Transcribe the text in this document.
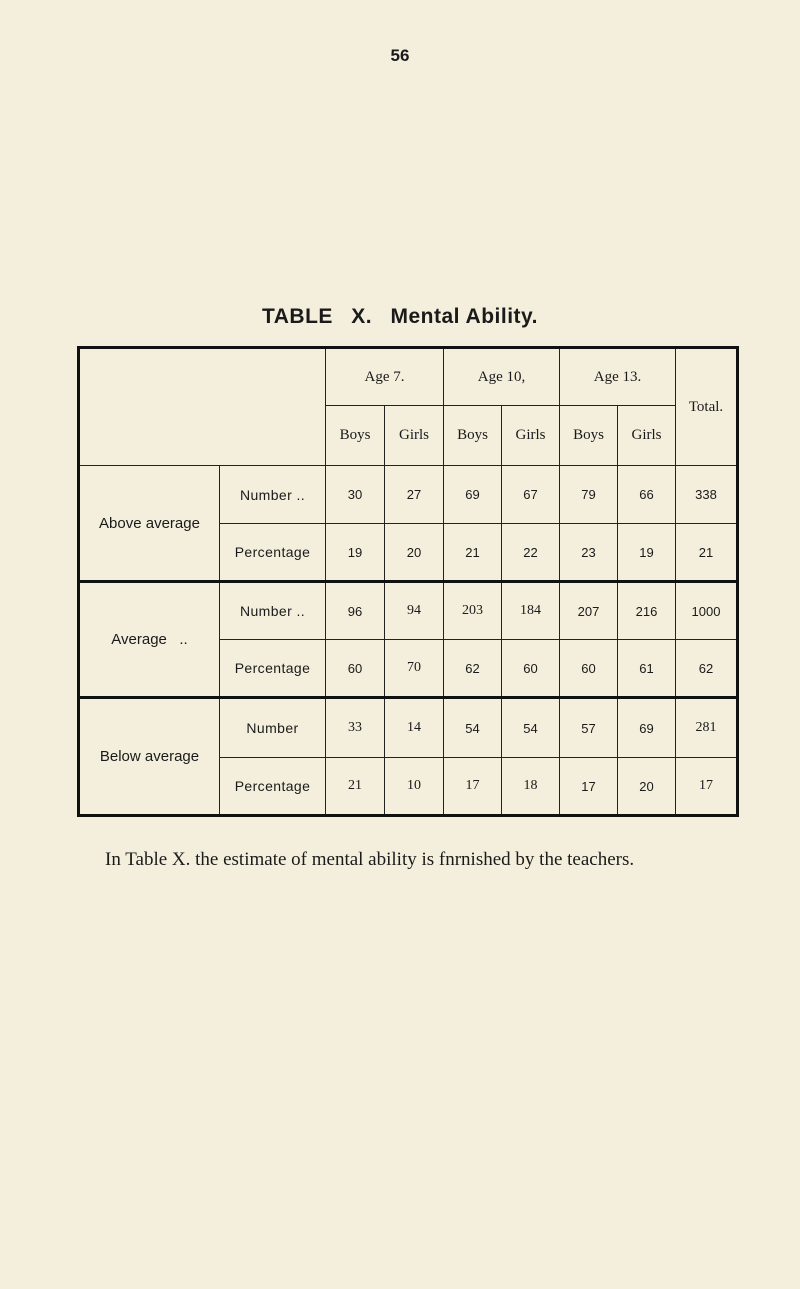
56
TABLE X. Mental Ability.
		Age 7.		Age 10,		Age 13.		Total.
		Boys	Girls	Boys	Girls	Boys	Girls	
Above average	Number ..	30	27	69	67	79	66	338
	Percentage	19	20	21	22	23	19	21
Average   ..	Number ..	96	94	203	184	207	216	1000
	Percentage	60	70	62	60	60	61	62
Below average	Number	33	14	54	54	57	69	281
	Percentage	21	10	17	18	17	20	17

In Table X. the estimate of mental ability is fnrnished by the teachers.
